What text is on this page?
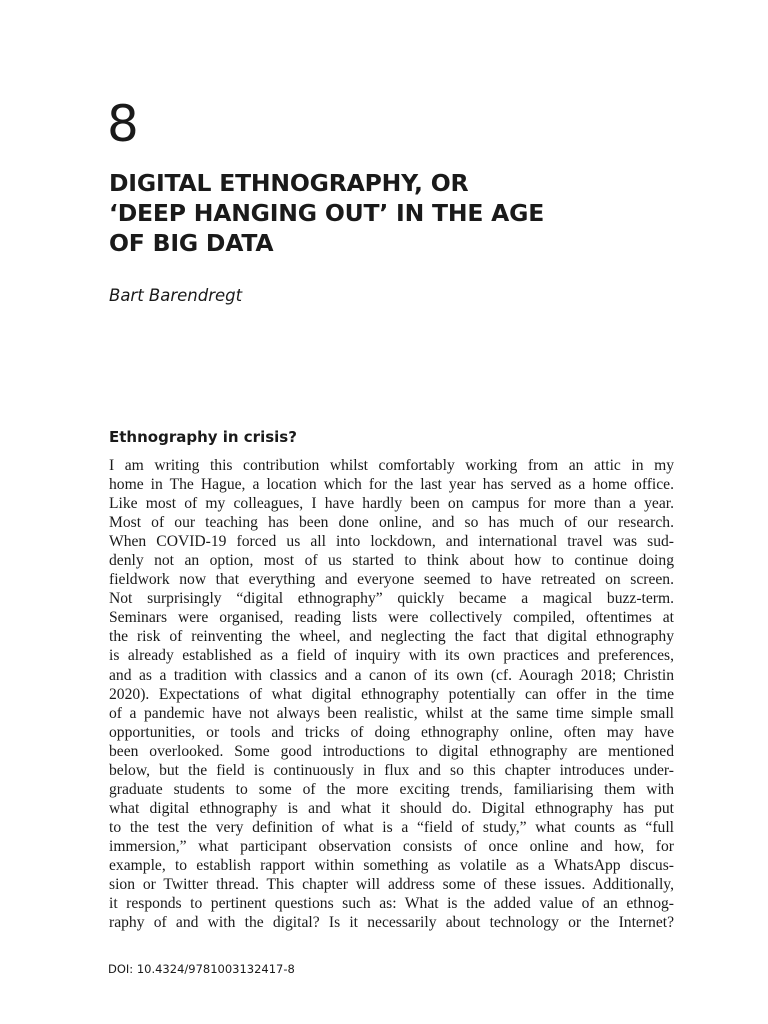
8
DIGITAL ETHNOGRAPHY, OR
‘DEEP HANGING OUT’ IN THE AGE
OF BIG DATA
Bart Barendregt
Ethnography in crisis?
I am writing this contribution whilst comfortably working from an attic in my
home in The Hague, a location which for the last year has served as a home office.
Like most of my colleagues, I have hardly been on campus for more than a year.
Most of our teaching has been done online, and so has much of our research.
When COVID-19 forced us all into lockdown, and international travel was sud-
denly not an option, most of us started to think about how to continue doing
fieldwork now that everything and everyone seemed to have retreated on screen.
Not surprisingly “digital ethnography” quickly became a magical buzz-term.
Seminars were organised, reading lists were collectively compiled, oftentimes at
the risk of reinventing the wheel, and neglecting the fact that digital ethnography
is already established as a field of inquiry with its own practices and preferences,
and as a tradition with classics and a canon of its own (cf. Aouragh 2018; Christin
2020). Expectations of what digital ethnography potentially can offer in the time
of a pandemic have not always been realistic, whilst at the same time simple small
opportunities, or tools and tricks of doing ethnography online, often may have
been overlooked. Some good introductions to digital ethnography are mentioned
below, but the field is continuously in flux and so this chapter introduces under-
graduate students to some of the more exciting trends, familiarising them with
what digital ethnography is and what it should do. Digital ethnography has put
to the test the very definition of what is a “field of study,” what counts as “full
immersion,” what participant observation consists of once online and how, for
example, to establish rapport within something as volatile as a WhatsApp discus-
sion or Twitter thread. This chapter will address some of these issues. Additionally,
it responds to pertinent questions such as: What is the added value of an ethnog-
raphy of and with the digital? Is it necessarily about technology or the Internet?
DOI: 10.4324/9781003132417-8
